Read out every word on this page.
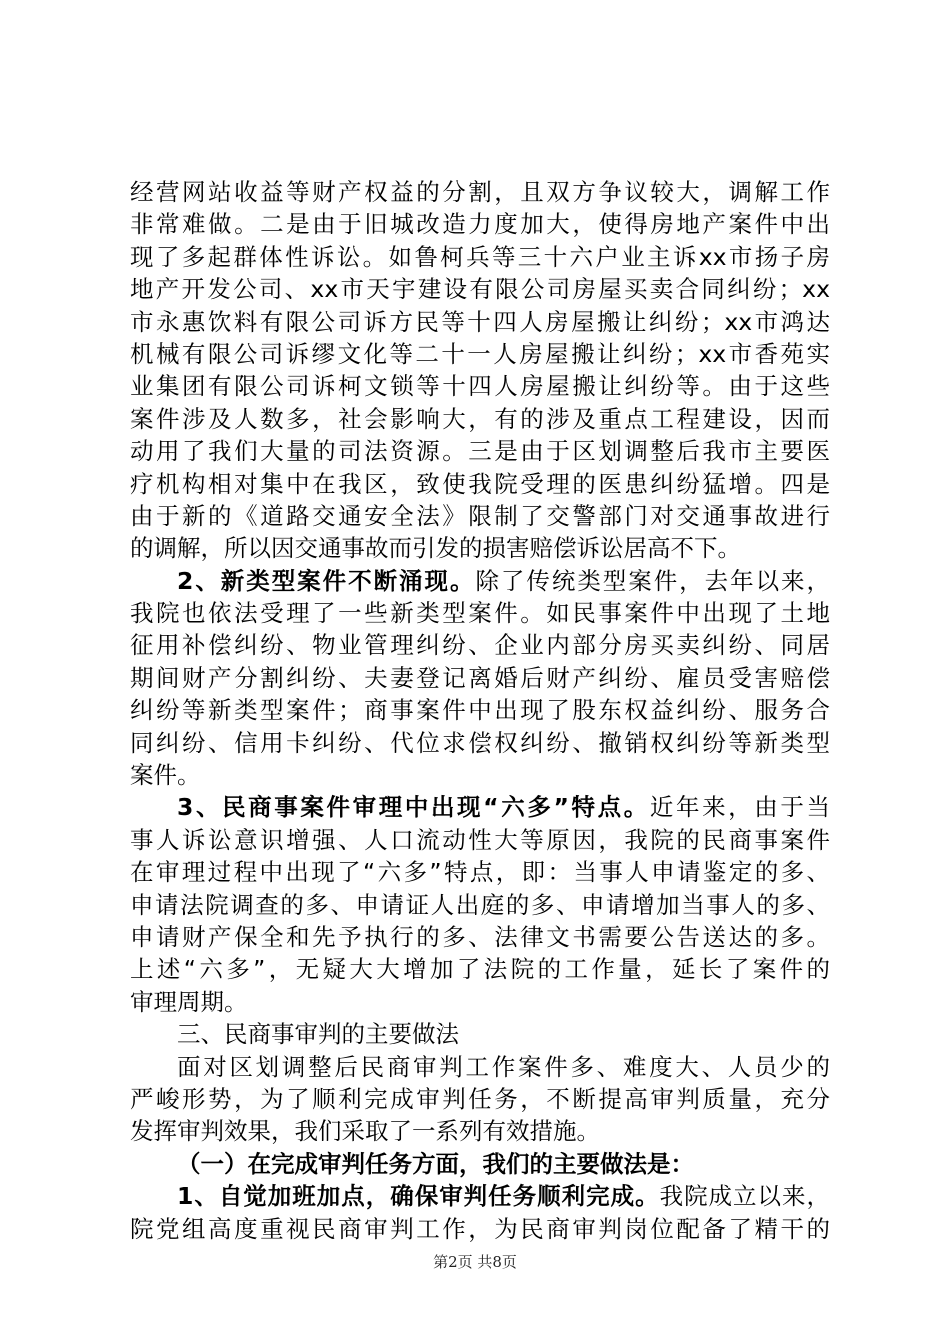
经营网站收益等财产权益的分割，且双方争议较大，调解工作
非常难做。二是由于旧城改造力度加大，使得房地产案件中出
现了多起群体性诉讼。如鲁柯兵等三十六户业主诉xx市扬子房
地产开发公司、xx市天宇建设有限公司房屋买卖合同纠纷；xx
市永惠饮料有限公司诉方民等十四人房屋搬让纠纷；xx市鸿达
机械有限公司诉缪文化等二十一人房屋搬让纠纷；xx市香苑实
业集团有限公司诉柯文锁等十四人房屋搬让纠纷等。由于这些
案件涉及人数多，社会影响大，有的涉及重点工程建设，因而
动用了我们大量的司法资源。三是由于区划调整后我市主要医
疗机构相对集中在我区，致使我院受理的医患纠纷猛增。四是
由于新的《道路交通安全法》限制了交警部门对交通事故进行
的调解，所以因交通事故而引发的损害赔偿诉讼居高不下。
2、新类型案件不断涌现。除了传统类型案件，去年以来，
我院也依法受理了一些新类型案件。如民事案件中出现了土地
征用补偿纠纷、物业管理纠纷、企业内部分房买卖纠纷、同居
期间财产分割纠纷、夫妻登记离婚后财产纠纷、雇员受害赔偿
纠纷等新类型案件；商事案件中出现了股东权益纠纷、服务合
同纠纷、信用卡纠纷、代位求偿权纠纷、撤销权纠纷等新类型
案件。
3、民商事案件审理中出现“六多”特点。近年来，由于当
事人诉讼意识增强、人口流动性大等原因，我院的民商事案件
在审理过程中出现了“六多”特点，即：当事人申请鉴定的多、
申请法院调查的多、申请证人出庭的多、申请增加当事人的多、
申请财产保全和先予执行的多、法律文书需要公告送达的多。
上述“六多”，无疑大大增加了法院的工作量，延长了案件的
审理周期。
三、民商事审判的主要做法
面对区划调整后民商审判工作案件多、难度大、人员少的
严峻形势，为了顺利完成审判任务，不断提高审判质量，充分
发挥审判效果，我们采取了一系列有效措施。
（一）在完成审判任务方面，我们的主要做法是：
1、自觉加班加点，确保审判任务顺利完成。我院成立以来，
院党组高度重视民商审判工作，为民商审判岗位配备了精干的
第2页 共8页
